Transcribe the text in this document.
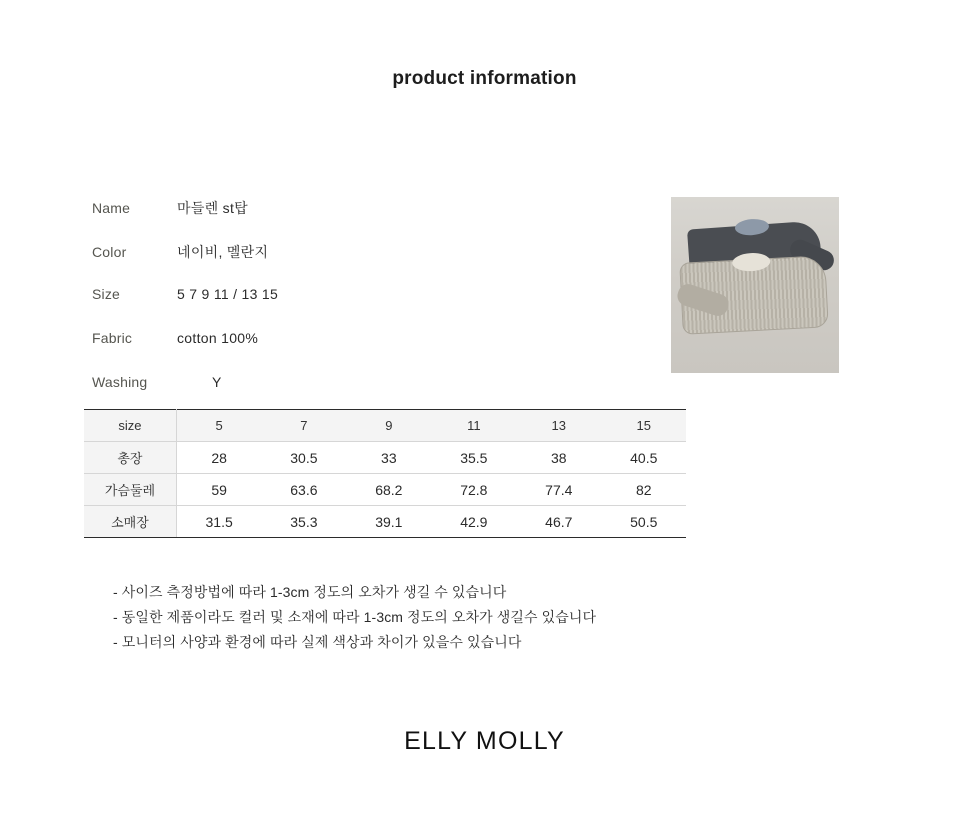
product information
Name	마들렌 st탑
Color	네이비, 멜란지
Size	5 7 9 11 / 13 15
Fabric	cotton 100%
Washing	Y
size	5	7	9	11	13	15	
총장	28	30.5	33	35.5	38	40.5	
가슴둘레	59	63.6	68.2	72.8	77.4	82	
소매장	31.5	35.3	39.1	42.9	46.7	50.5	
- 사이즈 측정방법에 따라 1-3cm 정도의 오차가 생길 수 있습니다
- 동일한 제품이라도 컬러 및 소재에 따라 1-3cm 정도의 오차가 생길수 있습니다
- 모니터의 사양과 환경에 따라 실제 색상과 차이가 있을수 있습니다
ELLY MOLLY
